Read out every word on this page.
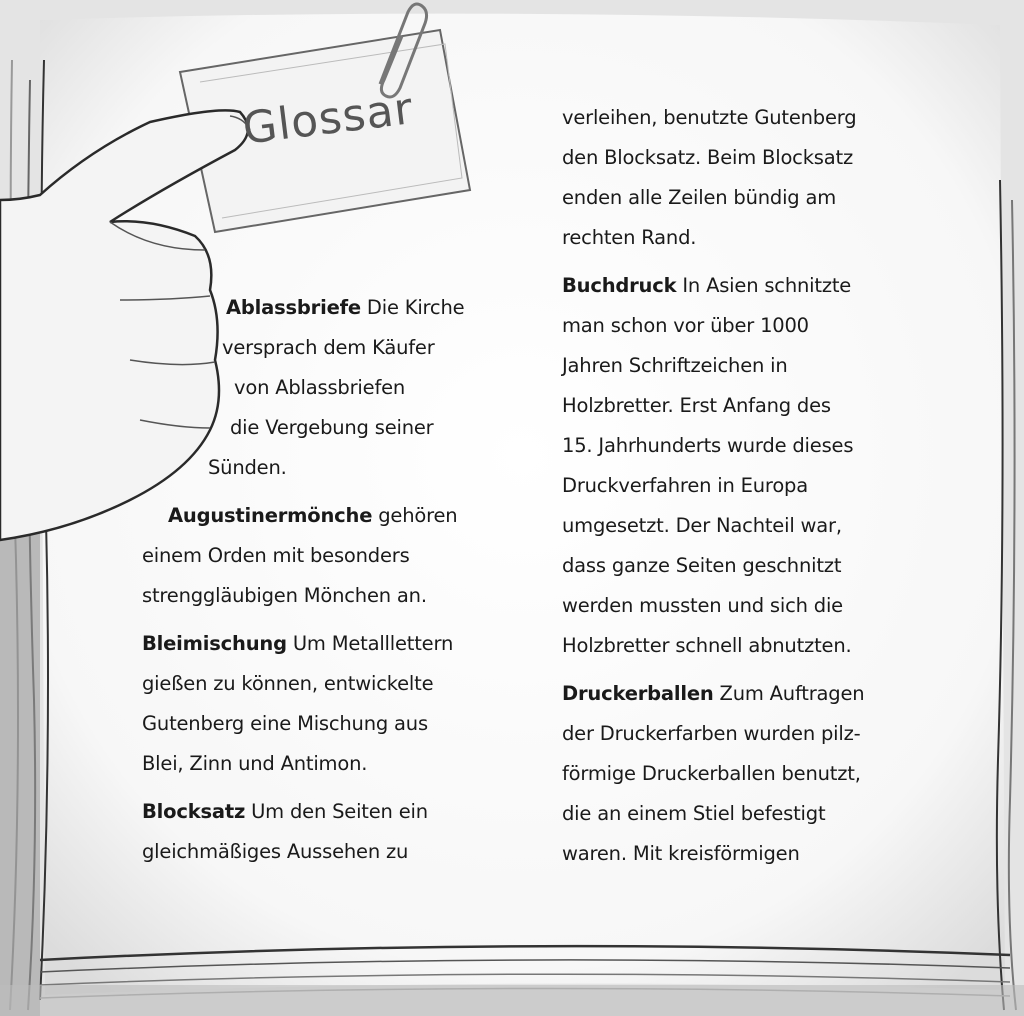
Glossar

Ablassbriefe Die Kirche
versprach dem Käufer
von Ablassbriefen
die Vergebung seiner
Sünden.

Augustinermönche gehören
einem Orden mit besonders
strenggläubigen Mönchen an.

Bleimischung Um Metalllettern
gießen zu können, entwickelte
Gutenberg eine Mischung aus
Blei, Zinn und Antimon.

Blocksatz Um den Seiten ein
gleichmäßiges Aussehen zu

verleihen, benutzte Gutenberg
den Blocksatz. Beim Blocksatz
enden alle Zeilen bündig am
rechten Rand.

Buchdruck In Asien schnitzte
man schon vor über 1000
Jahren Schriftzeichen in
Holzbretter. Erst Anfang des
15. Jahrhunderts wurde dieses
Druckverfahren in Europa
umgesetzt. Der Nachteil war,
dass ganze Seiten geschnitzt
werden mussten und sich die
Holzbretter schnell abnutzten.

Druckerballen Zum Auftragen
der Druckerfarben wurden pilz-
förmige Druckerballen benutzt,
die an einem Stiel befestigt
waren. Mit kreisförmigen
